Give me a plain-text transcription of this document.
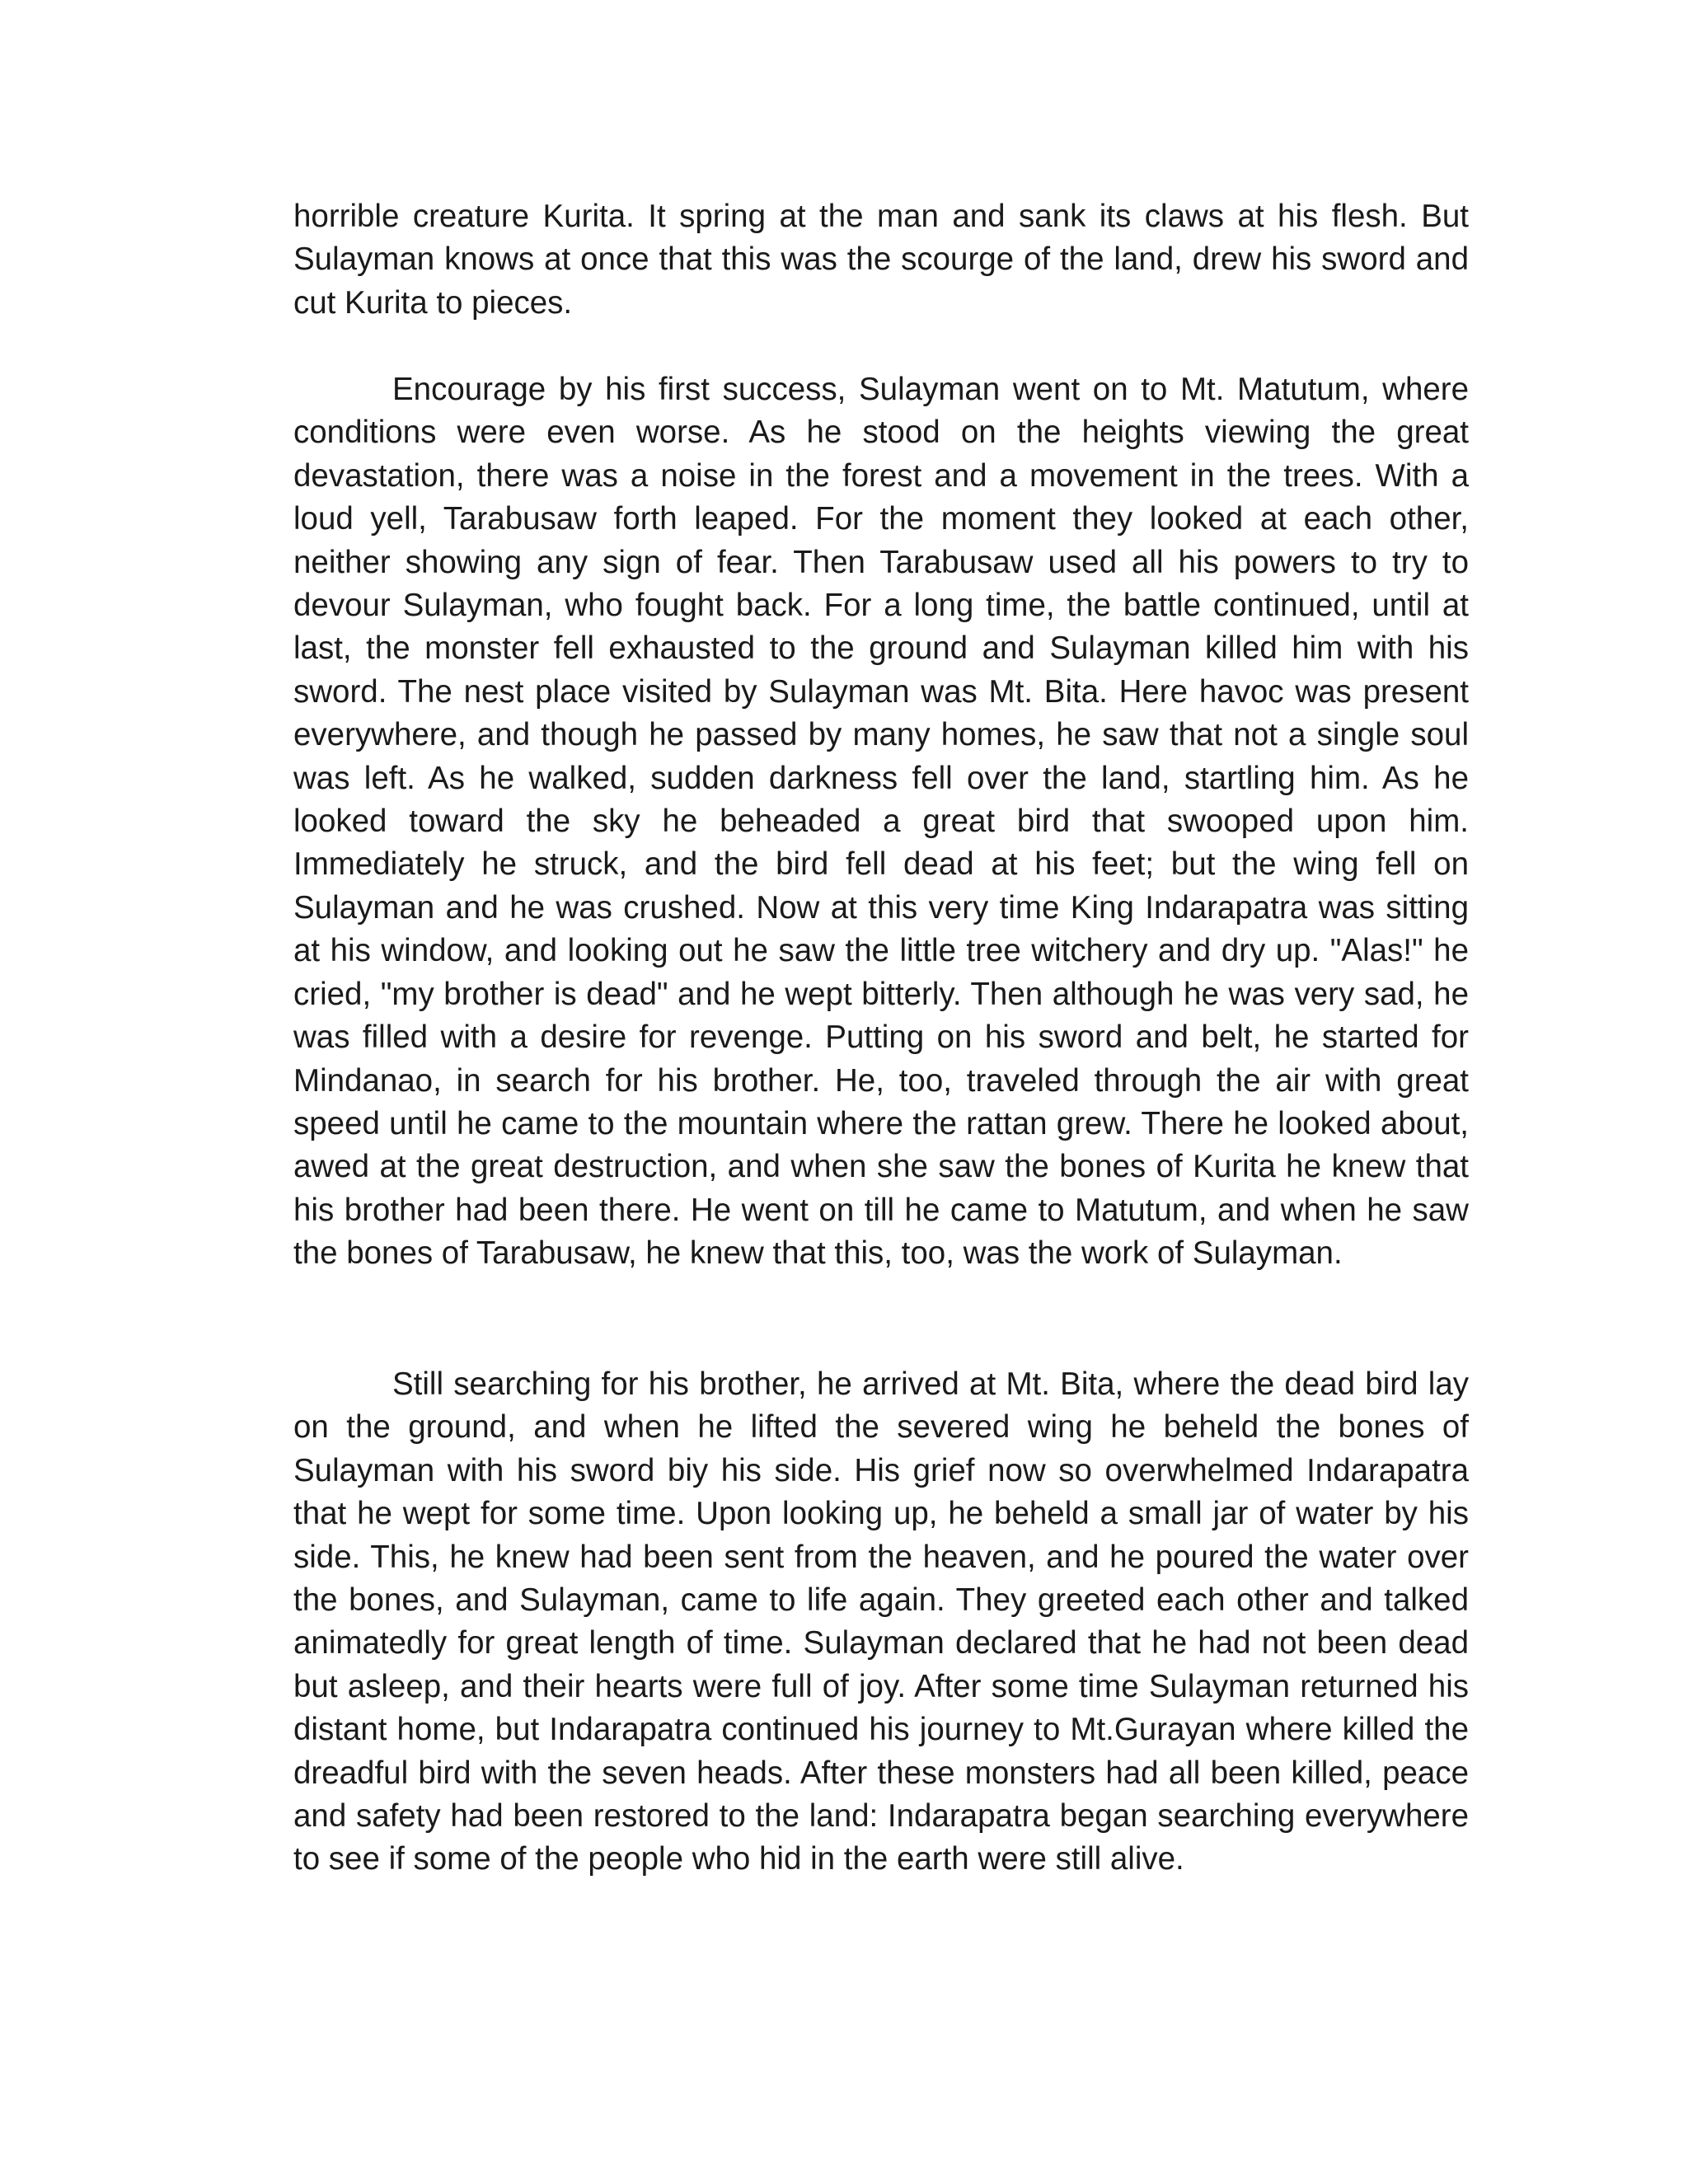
horrible creature Kurita. It spring at the man and sank its claws at his flesh. But Sulayman knows at once that this was the scourge of the land, drew his sword and cut Kurita to pieces.

Encourage by his first success, Sulayman went on to Mt. Matutum, where conditions were even worse. As he stood on the heights viewing the great devastation, there was a noise in the forest and a movement in the trees. With a loud yell, Tarabusaw forth leaped. For the moment they looked at each other, neither showing any sign of fear. Then Tarabusaw used all his powers to try to devour Sulayman, who fought back. For a long time, the battle continued, until at last, the monster fell exhausted to the ground and Sulayman killed him with his sword. The nest place visited by Sulayman was Mt. Bita. Here havoc was present everywhere, and though he passed by many homes, he saw that not a single soul was left. As he walked, sudden darkness fell over the land, startling him. As he looked toward the sky he beheaded a great bird that swooped upon him. Immediately he struck, and the bird fell dead at his feet; but the wing fell on Sulayman and he was crushed. Now at this very time King Indarapatra was sitting at his window, and looking out he saw the little tree witchery and dry up. "Alas!" he cried, "my brother is dead" and he wept bitterly. Then although he was very sad, he was filled with a desire for revenge. Putting on his sword and belt, he started for Mindanao, in search for his brother. He, too, traveled through the air with great speed until he came to the mountain where the rattan grew. There he looked about, awed at the great destruction, and when she saw the bones of Kurita he knew that his brother had been there. He went on till he came to Matutum, and when he saw the bones of Tarabusaw, he knew that this, too, was the work of Sulayman.

Still searching for his brother, he arrived at Mt. Bita, where the dead bird lay on the ground, and when he lifted the severed wing he beheld the bones of Sulayman with his sword biy his side. His grief now so overwhelmed Indarapatra that he wept for some time. Upon looking up, he beheld a small jar of water by his side. This, he knew had been sent from the heaven, and he poured the water over the bones, and Sulayman, came to life again. They greeted each other and talked animatedly for great length of time. Sulayman declared that he had not been dead but asleep, and their hearts were full of joy. After some time Sulayman returned his distant home, but Indarapatra continued his journey to Mt.Gurayan where killed the dreadful bird with the seven heads. After these monsters had all been killed, peace and safety had been restored to the land: Indarapatra began searching everywhere to see if some of the people who hid in the earth were still alive.
